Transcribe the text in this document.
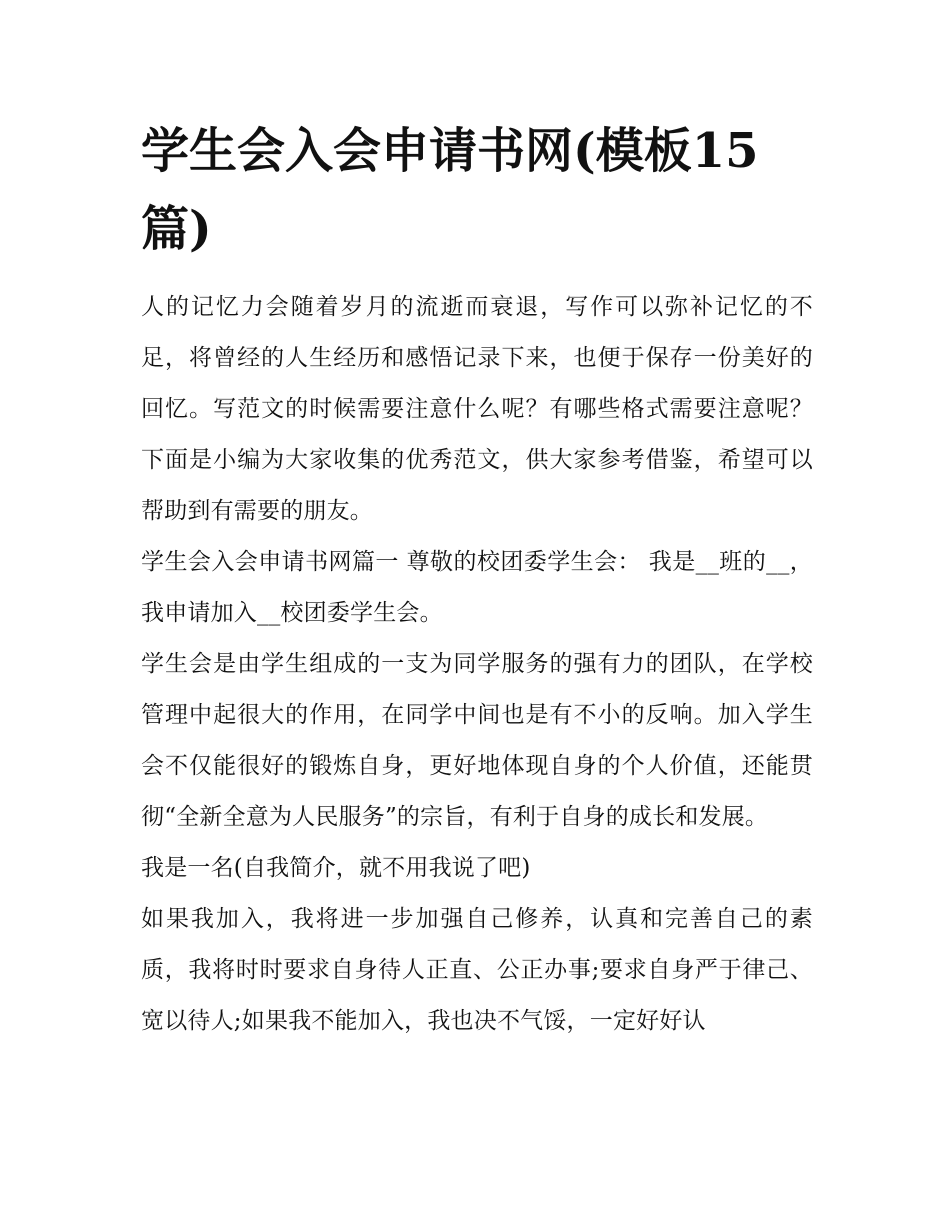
学生会入会申请书网(模板15篇)

人的记忆力会随着岁月的流逝而衰退，写作可以弥补记忆的不足，将曾经的人生经历和感悟记录下来，也便于保存一份美好的回忆。写范文的时候需要注意什么呢？有哪些格式需要注意呢？下面是小编为大家收集的优秀范文，供大家参考借鉴，希望可以帮助到有需要的朋友。

学生会入会申请书网篇一 尊敬的校团委学生会： 我是__班的__，我申请加入__校团委学生会。

学生会是由学生组成的一支为同学服务的强有力的团队，在学校管理中起很大的作用，在同学中间也是有不小的反响。加入学生会不仅能很好的锻炼自身，更好地体现自身的个人价值，还能贯彻“全新全意为人民服务”的宗旨，有利于自身的成长和发展。

我是一名(自我简介，就不用我说了吧)

如果我加入，我将进一步加强自己修养，认真和完善自己的素质，我将时时要求自身待人正直、公正办事;要求自身严于律己、宽以待人;如果我不能加入，我也决不气馁，一定好好认
